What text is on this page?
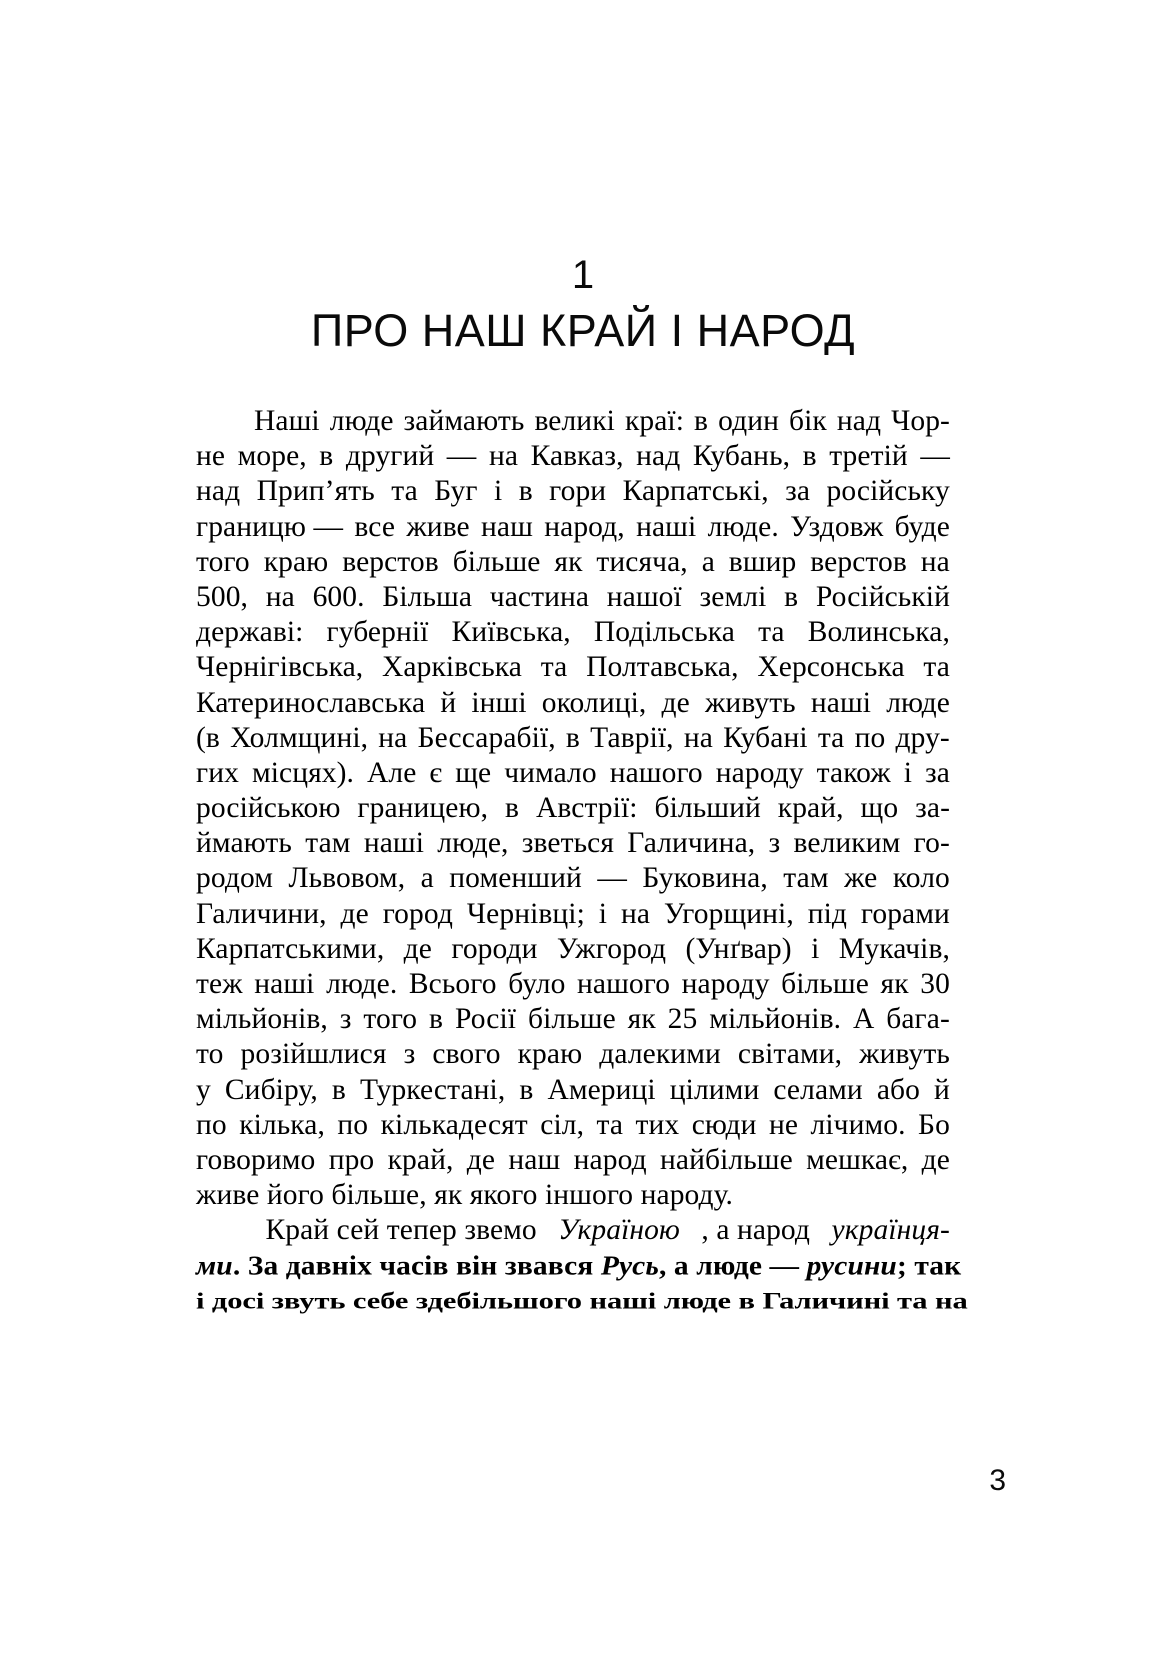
1
ПРО НАШ КРАЙ І НАРОД
Наші люде займають великі краї: в один бік над Чор-
не море, в другий — на Кавказ, над Кубань, в третій —
над Прип’ять та Буг і в гори Карпатські, за російську
границю — все живе наш народ, наші люде. Уздовж буде
того краю верстов більше як тисяча, а вшир верстов на
500, на 600. Більша частина нашої землі в Російській
державі: губернії Київська, Подільська та Волинська,
Чернігівська, Харківська та Полтавська, Херсонська та
Катеринославська й інші околиці, де живуть наші люде
(в Холмщині, на Бессарабії, в Таврії, на Кубані та по дру-
гих місцях). Але є ще чимало нашого народу також і за
російською границею, в Австрії: більший край, що за-
ймають там наші люде, зветься Галичина, з великим го-
родом Львовом, а поменший — Буковина, там же коло
Галичини, де город Чернівці; і на Угорщині, під горами
Карпатськими, де городи Ужгород (Унґвар) і Мукачів,
теж наші люде. Всього було нашого народу більше як 30
мільйонів, з того в Росії більше як 25 мільйонів. А бага-
то розійшлися з свого краю далекими світами, живуть
у Сибіру, в Туркестані, в Америці цілими селами або й
по кілька, по кількадесят сіл, та тих сюди не лічимо. Бо
говоримо про край, де наш народ найбільше мешкає, де
живе його більше, як якого іншого народу.
Край сей тепер звемо Україною , а народ українця-
ми. За давніх часів він звався Русь, а люде — русини; так
і досі звуть себе здебільшого наші люде в Галичині та на
3
